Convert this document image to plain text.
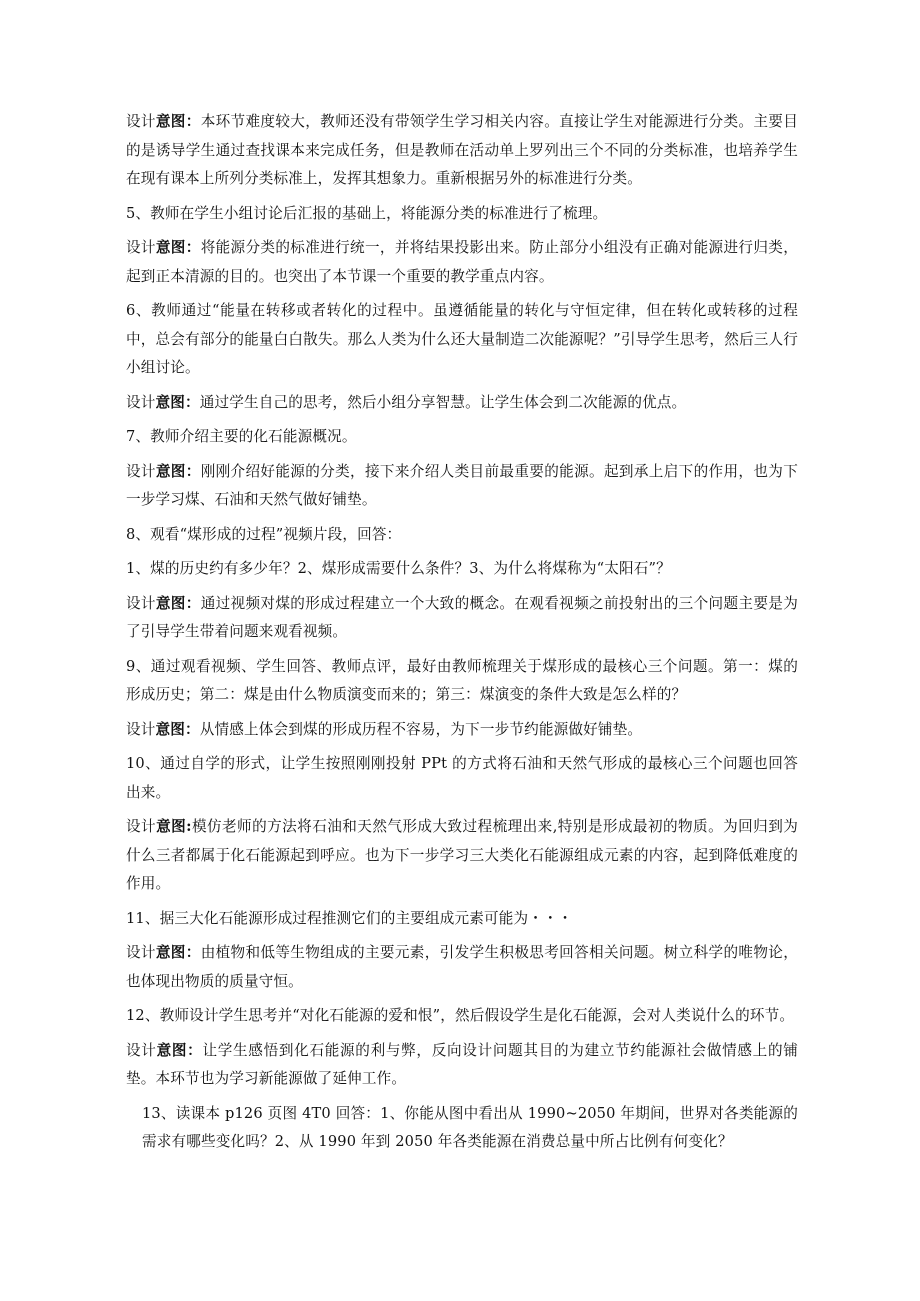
设计意图：本环节难度较大，教师还没有带领学生学习相关内容。直接让学生对能源进行分类。主要目的是诱导学生通过查找课本来完成任务，但是教师在活动单上罗列出三个不同的分类标准，也培养学生在现有课本上所列分类标准上，发挥其想象力。重新根据另外的标准进行分类。

5、教师在学生小组讨论后汇报的基础上，将能源分类的标准进行了梳理。

设计意图：将能源分类的标准进行统一，并将结果投影出来。防止部分小组没有正确对能源进行归类，起到正本清源的目的。也突出了本节课一个重要的教学重点内容。

6、教师通过“能量在转移或者转化的过程中。虽遵循能量的转化与守恒定律，但在转化或转移的过程中，总会有部分的能量白白散失。那么人类为什么还大量制造二次能源呢？”引导学生思考，然后三人行小组讨论。

设计意图：通过学生自己的思考，然后小组分享智慧。让学生体会到二次能源的优点。

7、教师介绍主要的化石能源概况。

设计意图：刚刚介绍好能源的分类，接下来介绍人类目前最重要的能源。起到承上启下的作用，也为下一步学习煤、石油和天然气做好铺垫。

8、观看“煤形成的过程”视频片段，回答：

1、煤的历史约有多少年？2、煤形成需要什么条件？3、为什么将煤称为“太阳石”？

设计意图：通过视频对煤的形成过程建立一个大致的概念。在观看视频之前投射出的三个问题主要是为了引导学生带着问题来观看视频。

9、通过观看视频、学生回答、教师点评，最好由教师梳理关于煤形成的最核心三个问题。第一：煤的形成历史；第二：煤是由什么物质演变而来的；第三：煤演变的条件大致是怎么样的？

设计意图：从情感上体会到煤的形成历程不容易，为下一步节约能源做好铺垫。

10、通过自学的形式，让学生按照刚刚投射 PPt 的方式将石油和天然气形成的最核心三个问题也回答出来。

设计意图:模仿老师的方法将石油和天然气形成大致过程梳理出来,特别是形成最初的物质。为回归到为什么三者都属于化石能源起到呼应。也为下一步学习三大类化石能源组成元素的内容，起到降低难度的作用。

11、据三大化石能源形成过程推测它们的主要组成元素可能为・・・

设计意图：由植物和低等生物组成的主要元素，引发学生积极思考回答相关问题。树立科学的唯物论，也体现出物质的质量守恒。

12、教师设计学生思考并“对化石能源的爱和恨”，然后假设学生是化石能源，会对人类说什么的环节。

设计意图：让学生感悟到化石能源的利与弊，反向设计问题其目的为建立节约能源社会做情感上的铺垫。本环节也为学习新能源做了延伸工作。

13、读课本 p126 页图 4T0 回答：1、你能从图中看出从 1990~2050 年期间，世界对各类能源的需求有哪些变化吗？2、从 1990 年到 2050 年各类能源在消费总量中所占比例有何变化？
